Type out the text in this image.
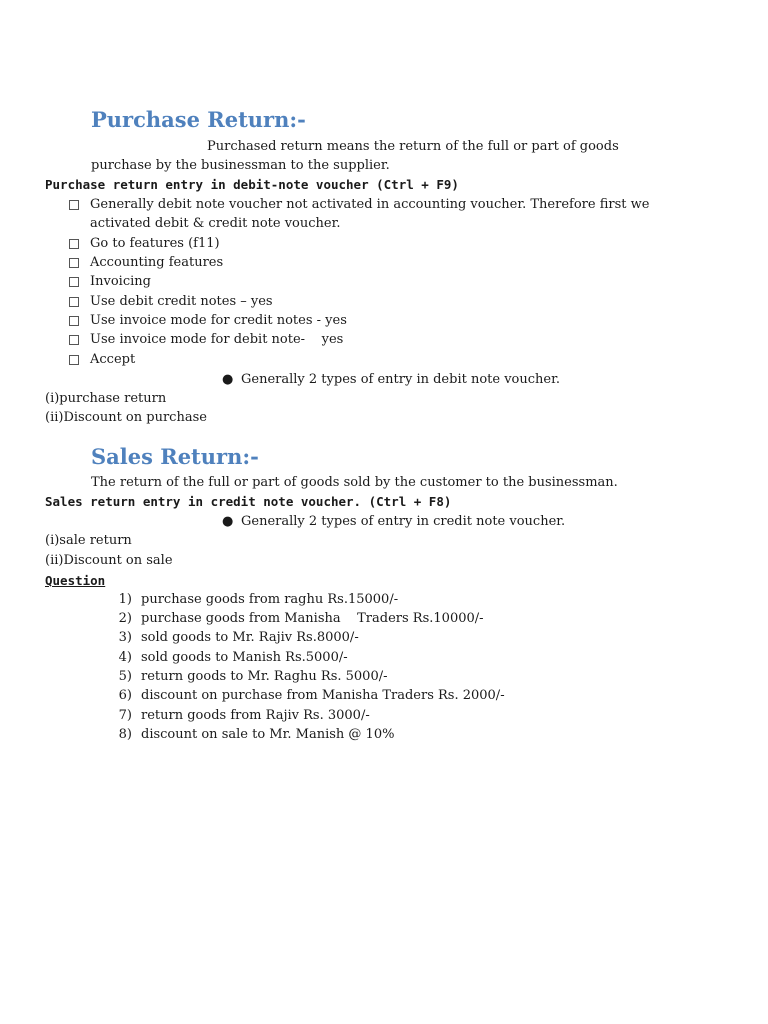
Purchase Return:-
Purchased return means the return of the full or part of goods
purchase by the businessman to the supplier.
Purchase return entry in debit-note voucher (Ctrl + F9)
Generally debit note voucher not activated in accounting voucher. Therefore first we
activated debit & credit note voucher.
Go to features (f11)
Accounting features
Invoicing
Use debit credit notes – yes
Use invoice mode for credit notes - yes
Use invoice mode for debit note-    yes
Accept
● Generally 2 types of entry in debit note voucher.
(i)purchase return
(ii)Discount on purchase
Sales Return:-
The return of the full or part of goods sold by the customer to the businessman.
Sales return entry in credit note voucher. (Ctrl + F8)
● Generally 2 types of entry in credit note voucher.
(i)sale return
(ii)Discount on sale
Question
1) purchase goods from raghu Rs.15000/-
2) purchase goods from Manisha    Traders Rs.10000/-
3) sold goods to Mr. Rajiv Rs.8000/-
4) sold goods to Manish Rs.5000/-
5) return goods to Mr. Raghu Rs. 5000/-
6) discount on purchase from Manisha Traders Rs. 2000/-
7) return goods from Rajiv Rs. 3000/-
8) discount on sale to Mr. Manish @ 10%
